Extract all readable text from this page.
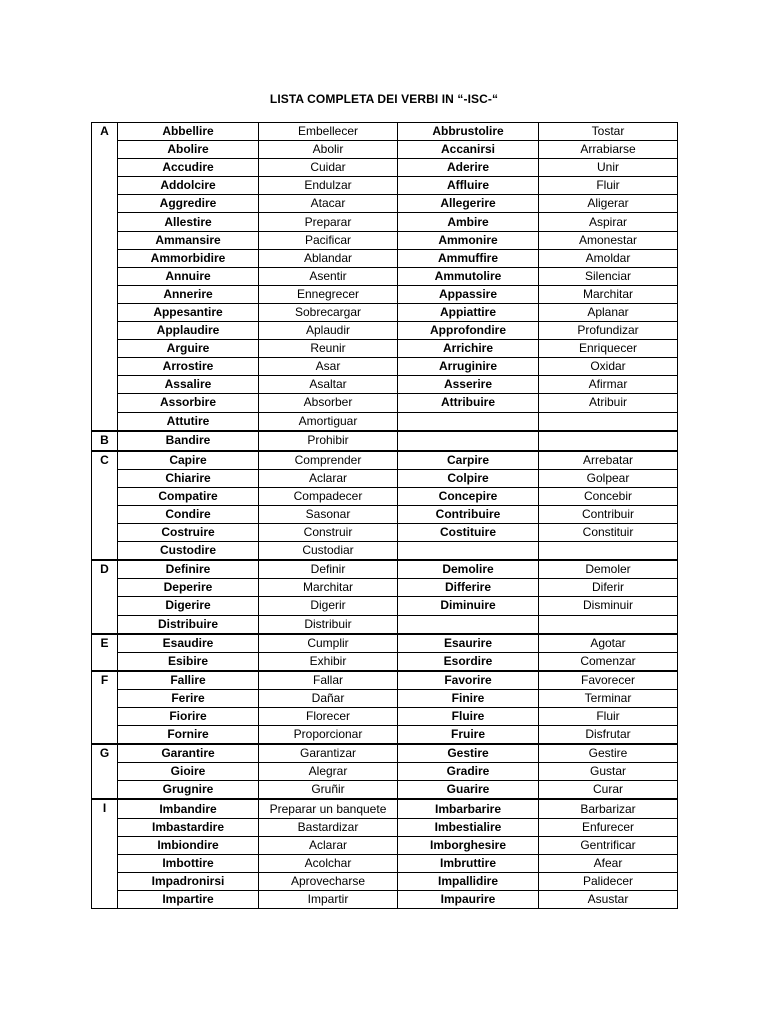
LISTA COMPLETA DEI VERBI IN “-ISC-“
A	Abbellire	Embellecer	Abbrustolire	Tostar
	Abolire	Abolir	Accanirsi	Arrabiarse
	Accudire	Cuidar	Aderire	Unir
	Addolcire	Endulzar	Affluire	Fluir
	Aggredire	Atacar	Allegerire	Aligerar
	Allestire	Preparar	Ambire	Aspirar
	Ammansire	Pacificar	Ammonire	Amonestar
	Ammorbidire	Ablandar	Ammuffire	Amoldar
	Annuire	Asentir	Ammutolire	Silenciar
	Annerire	Ennegrecer	Appassire	Marchitar
	Appesantire	Sobrecargar	Appiattire	Aplanar
	Applaudire	Aplaudir	Approfondire	Profundizar
	Arguire	Reunir	Arrichire	Enriquecer
	Arrostire	Asar	Arruginire	Oxidar
	Assalire	Asaltar	Asserire	Afirmar
	Assorbire	Absorber	Attribuire	Atribuir
	Attutire	Amortiguar		
B	Bandire	Prohibir		
C	Capire	Comprender	Carpire	Arrebatar
	Chiarire	Aclarar	Colpire	Golpear
	Compatire	Compadecer	Concepire	Concebir
	Condire	Sasonar	Contribuire	Contribuir
	Costruire	Construir	Costituire	Constituir
	Custodire	Custodiar		
D	Definire	Definir	Demolire	Demoler
	Deperire	Marchitar	Differire	Diferir
	Digerire	Digerir	Diminuire	Disminuir
	Distribuire	Distribuir		
E	Esaudire	Cumplir	Esaurire	Agotar
	Esibire	Exhibir	Esordire	Comenzar
F	Fallire	Fallar	Favorire	Favorecer
	Ferire	Dañar	Finire	Terminar
	Fiorire	Florecer	Fluire	Fluir
	Fornire	Proporcionar	Fruire	Disfrutar
G	Garantire	Garantizar	Gestire	Gestire
	Gioire	Alegrar	Gradire	Gustar
	Grugnire	Gruñir	Guarire	Curar
I	Imbandire	Preparar un banquete	Imbarbarire	Barbarizar
	Imbastardire	Bastardizar	Imbestialire	Enfurecer
	Imbiondire	Aclarar	Imborghesire	Gentrificar
	Imbottire	Acolchar	Imbruttire	Afear
	Impadronirsi	Aprovecharse	Impallidire	Palidecer
	Impartire	Impartir	Impaurire	Asustar
